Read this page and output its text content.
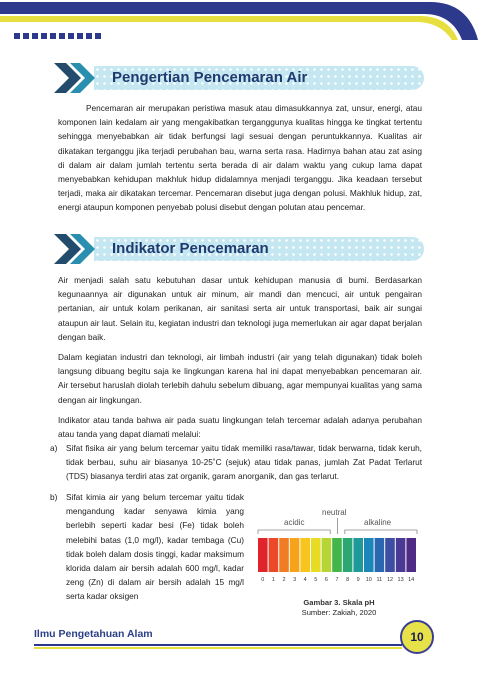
Pengertian Pencemaran Air

Pencemaran air merupakan peristiwa masuk atau dimasukkannya zat, unsur, energi, atau komponen lain kedalam air yang mengakibatkan terganggunya kualitas hingga ke tingkat tertentu sehingga menyebabkan air tidak berfungsi lagi sesuai dengan peruntukkannya. Kualitas air dikatakan terganggu jika terjadi perubahan bau, warna serta rasa. Hadirnya bahan atau zat asing di dalam air dalam jumlah tertentu serta berada di air dalam waktu yang cukup lama dapat menyebabkan kehidupan makhluk hidup didalamnya menjadi terganggu. Jika keadaan tersebut terjadi, maka air dikatakan tercemar. Pencemaran disebut juga dengan polusi. Makhluk hidup, zat, energi ataupun komponen penyebab polusi disebut dengan polutan atau pencemar.

Indikator Pencemaran

Air menjadi salah satu kebutuhan dasar untuk kehidupan manusia di bumi. Berdasarkan kegunaannya air digunakan untuk air minum, air mandi dan mencuci, air untuk pengairan pertanian, air untuk kolam perikanan, air sanitasi serta air untuk transportasi, baik air sungai ataupun air laut. Selain itu, kegiatan industri dan teknologi juga memerlukan air agar dapat berjalan dengan baik.

Dalam kegiatan industri dan teknologi, air limbah industri (air yang telah digunakan) tidak boleh langsung dibuang begitu saja ke lingkungan karena hal ini dapat menyebabkan pencemaran air. Air tersebut haruslah diolah terlebih dahulu sebelum dibuang, agar mempunyai kualitas yang sama dengan air lingkungan.

Indikator atau tanda bahwa air pada suatu lingkungan telah tercemar adalah adanya perubahan atau tanda yang dapat diamati melalui:

a) Sifat fisika air yang belum tercemar yaitu tidak memiliki rasa/tawar, tidak berwarna, tidak keruh, tidak berbau, suhu air biasanya 10-25˚C (sejuk) atau tidak panas, jumlah Zat Padat Terlarut (TDS) biasanya terdiri atas zat organik, garam anorganik, dan gas terlarut.
b) Sifat kimia air yang belum tercemar yaitu tidak mengandung kadar senyawa kimia yang berlebih seperti kadar besi (Fe) tidak boleh melebihi batas (1,0 mg/l), kadar tembaga (Cu) tidak boleh dalam dosis tinggi, kadar maksimum klorida dalam air bersih adalah 600 mg/l, kadar zeng (Zn) di dalam air bersih adalah 15 mg/l serta kadar oksigen
neutral
acidic	alkaline
0 1 2 3 4 5 6 7 8 9 10 11 12 13 14
Gambar 3. Skala pH
Sumber: Zakiah, 2020
Ilmu Pengetahuan Alam	10
